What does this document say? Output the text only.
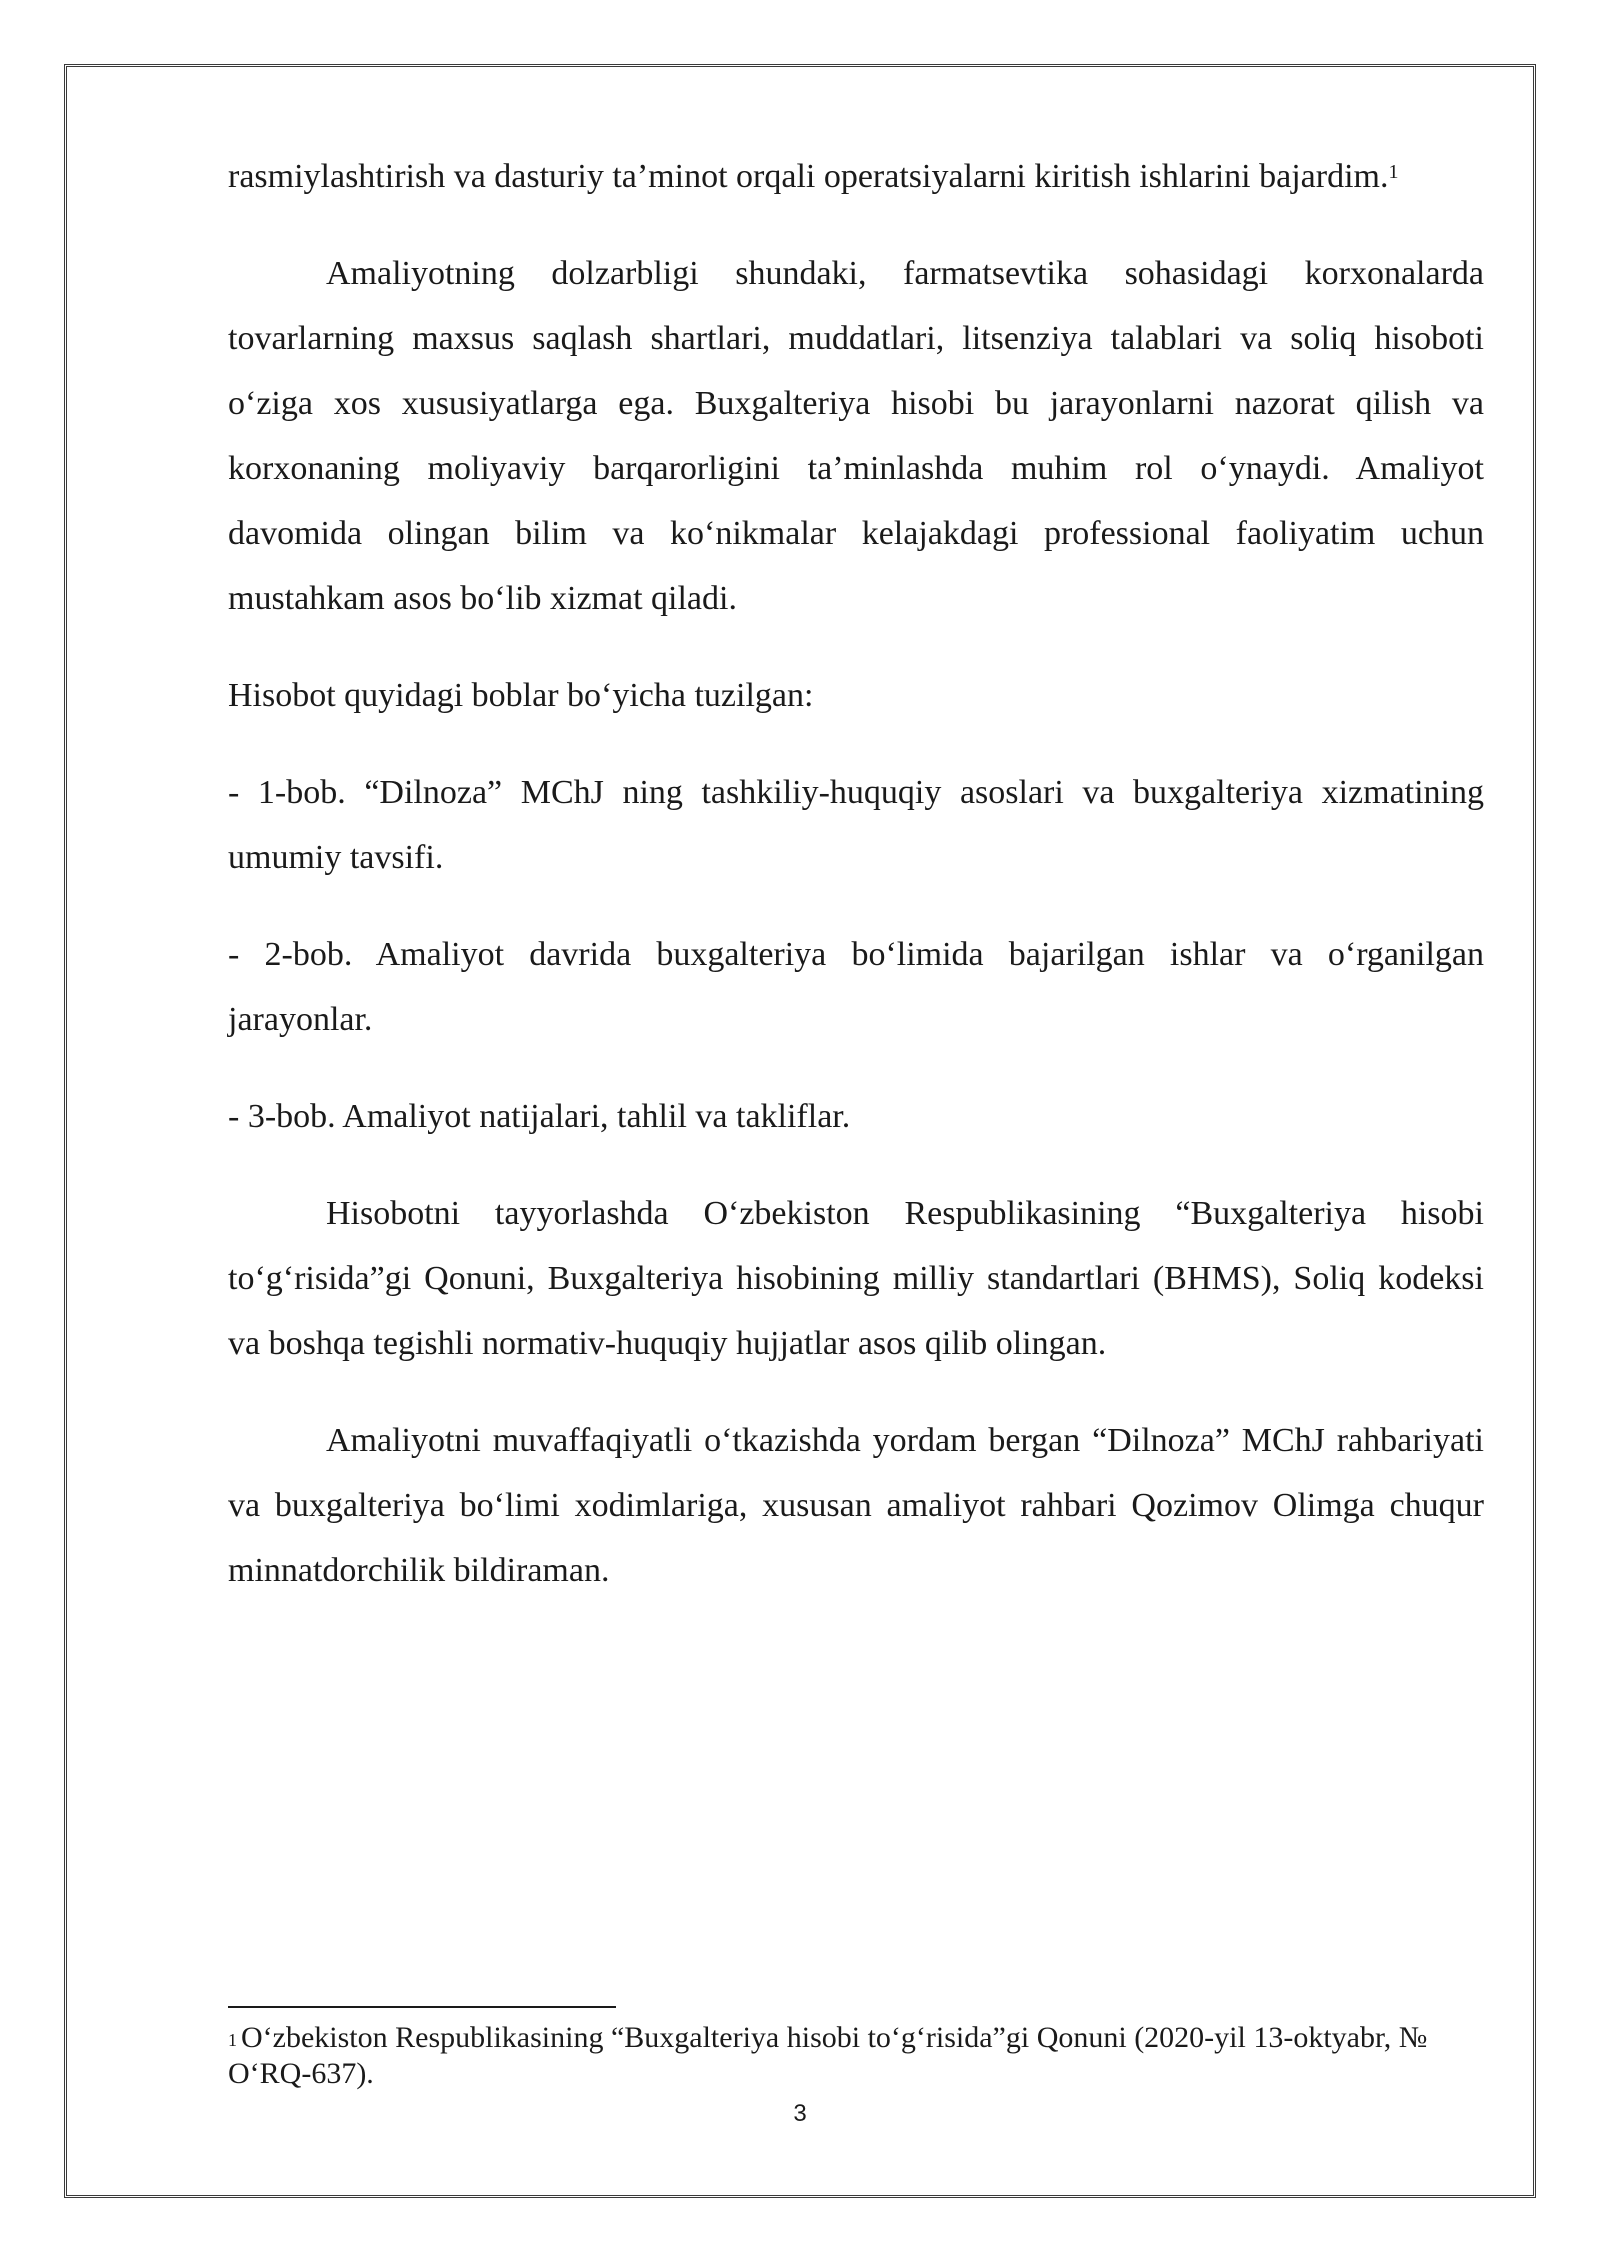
rasmiylashtirish va dasturiy ta’minot orqali operatsiyalarni kiritish ishlarini bajardim.$^1$

Amaliyotning dolzarbligi shundaki, farmatsevtika sohasidagi korxonalarda tovarlarning maxsus saqlash shartlari, muddatlari, litsenziya talablari va soliq hisoboti o‘ziga xos xususiyatlarga ega. Buxgalteriya hisobi bu jarayonlarni nazorat qilish va korxonaning moliyaviy barqarorligini ta’minlashda muhim rol o‘ynaydi. Amaliyot davomida olingan bilim va ko‘nikmalar kelajakdagi professional faoliyatim uchun mustahkam asos bo‘lib xizmat qiladi.

Hisobot quyidagi boblar bo‘yicha tuzilgan:

- 1-bob. “Dilnoza” MChJ ning tashkiliy-huquqiy asoslari va buxgalteriya xizmatining umumiy tavsifi.

- 2-bob. Amaliyot davrida buxgalteriya bo‘limida bajarilgan ishlar va o‘rganilgan jarayonlar.

- 3-bob. Amaliyot natijalari, tahlil va takliflar.

Hisobotni tayyorlashda O‘zbekiston Respublikasining “Buxgalteriya hisobi to‘g‘risida”gi Qonuni, Buxgalteriya hisobining milliy standartlari (BHMS), Soliq kodeksi va boshqa tegishli normativ-huquqiy hujjatlar asos qilib olingan.

Amaliyotni muvaffaqiyatli o‘tkazishda yordam bergan “Dilnoza” MChJ rahbariyati va buxgalteriya bo‘limi xodimlariga, xususan amaliyot rahbari Qozimov Olimga chuqur minnatdorchilik bildiraman.

$^1$ O‘zbekiston Respublikasining “Buxgalteriya hisobi to‘g‘risida”gi Qonuni (2020-yil 13-oktyabr, № O‘RQ-637).
3
